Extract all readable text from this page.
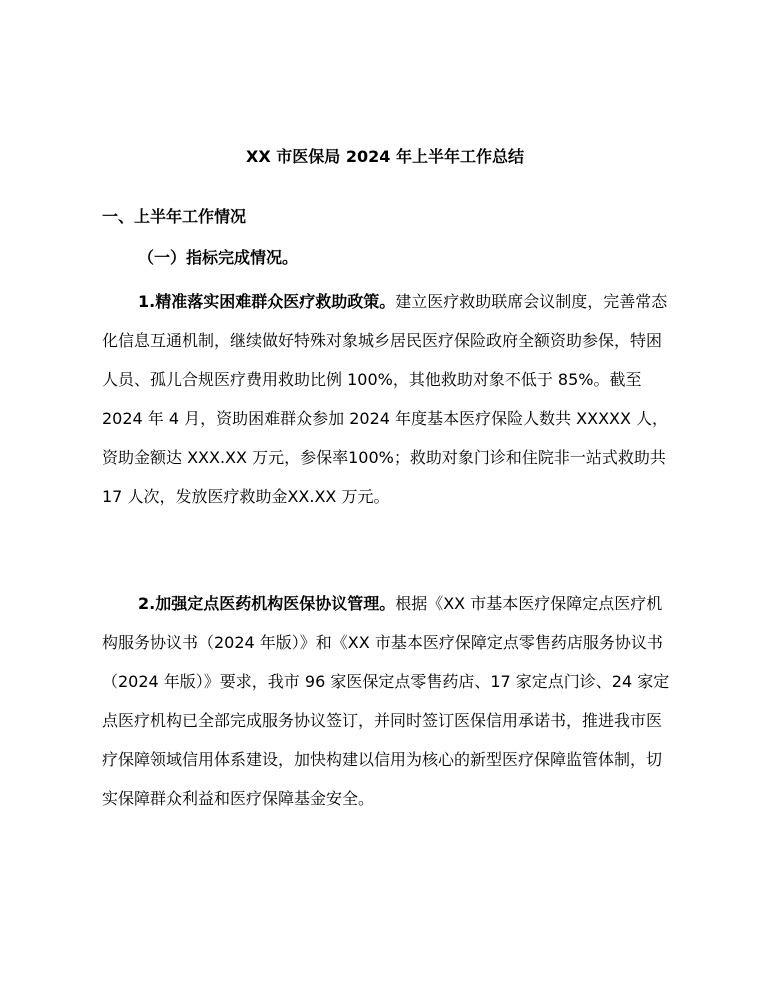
XX 市医保局 2024 年上半年工作总结
一、上半年工作情况
（一）指标完成情况。

1.精准落实困难群众医疗救助政策。建立医疗救助联席会议制度，完善常态化信息互通机制，继续做好特殊对象城乡居民医疗保险政府全额资助参保，特困人员、孤儿合规医疗费用救助比例 100%，其他救助对象不低于 85%。截至 2024 年 4 月，资助困难群众参加 2024 年度基本医疗保险人数共 XXXXX 人，资助金额达 XXX.XX 万元，参保率100%；救助对象门诊和住院非一站式救助共 17 人次，发放医疗救助金XX.XX 万元。

2.加强定点医药机构医保协议管理。根据《XX 市基本医疗保障定点医疗机构服务协议书（2024 年版）》和《XX 市基本医疗保障定点零售药店服务协议书（2024 年版）》要求，我市 96 家医保定点零售药店、17 家定点门诊、24 家定点医疗机构已全部完成服务协议签订，并同时签订医保信用承诺书，推进我市医疗保障领域信用体系建设，加快构建以信用为核心的新型医疗保障监管体制，切实保障群众利益和医疗保障基金安全。
